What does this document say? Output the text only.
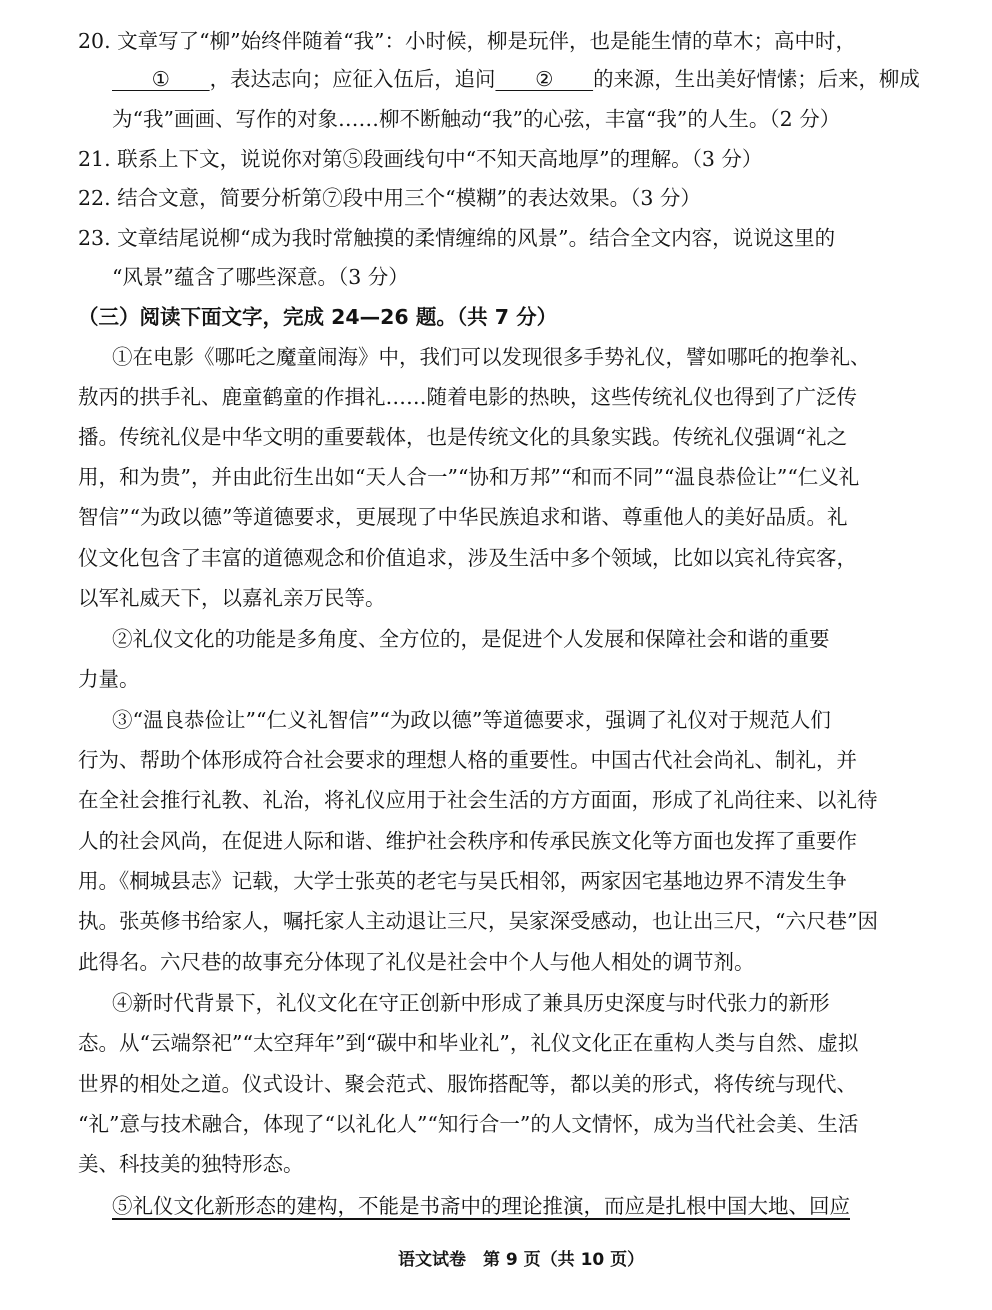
20. 文章写了“柳”始终伴随着“我”：小时候，柳是玩伴，也是能生情的草木；高中时，
① ，表达志向；应征入伍后，追问 ② 的来源，生出美好情愫；后来，柳成
为“我”画画、写作的对象……柳不断触动“我”的心弦，丰富“我”的人生。（2 分）
21. 联系上下文，说说你对第⑤段画线句中“不知天高地厚”的理解。（3 分）
22. 结合文意，简要分析第⑦段中用三个“模糊”的表达效果。（3 分）
23. 文章结尾说柳“成为我时常触摸的柔情缠绵的风景”。结合全文内容，说说这里的
“风景”蕴含了哪些深意。（3 分）
（三）阅读下面文字，完成 24—26 题。（共 7 分）
①在电影《哪吒之魔童闹海》中，我们可以发现很多手势礼仪，譬如哪吒的抱拳礼、
敖丙的拱手礼、鹿童鹤童的作揖礼……随着电影的热映，这些传统礼仪也得到了广泛传
播。传统礼仪是中华文明的重要载体，也是传统文化的具象实践。传统礼仪强调“礼之
用，和为贵”，并由此衍生出如“天人合一”“协和万邦”“和而不同”“温良恭俭让”“仁义礼
智信”“为政以德”等道德要求，更展现了中华民族追求和谐、尊重他人的美好品质。礼
仪文化包含了丰富的道德观念和价值追求，涉及生活中多个领域，比如以宾礼待宾客，
以军礼威天下，以嘉礼亲万民等。
②礼仪文化的功能是多角度、全方位的，是促进个人发展和保障社会和谐的重要
力量。
③“温良恭俭让”“仁义礼智信”“为政以德”等道德要求，强调了礼仪对于规范人们
行为、帮助个体形成符合社会要求的理想人格的重要性。中国古代社会尚礼、制礼，并
在全社会推行礼教、礼治，将礼仪应用于社会生活的方方面面，形成了礼尚往来、以礼待
人的社会风尚，在促进人际和谐、维护社会秩序和传承民族文化等方面也发挥了重要作
用。《桐城县志》记载，大学士张英的老宅与吴氏相邻，两家因宅基地边界不清发生争
执。张英修书给家人，嘱托家人主动退让三尺，吴家深受感动，也让出三尺，“六尺巷”因
此得名。六尺巷的故事充分体现了礼仪是社会中个人与他人相处的调节剂。
④新时代背景下，礼仪文化在守正创新中形成了兼具历史深度与时代张力的新形
态。从“云端祭祀”“太空拜年”到“碳中和毕业礼”，礼仪文化正在重构人类与自然、虚拟
世界的相处之道。仪式设计、聚会范式、服饰搭配等，都以美的形式，将传统与现代、
“礼”意与技术融合，体现了“以礼化人”“知行合一”的人文情怀，成为当代社会美、生活
美、科技美的独特形态。
⑤礼仪文化新形态的建构，不能是书斋中的理论推演，而应是扎根中国大地、回应
语文试卷　第 9 页（共 10 页）
